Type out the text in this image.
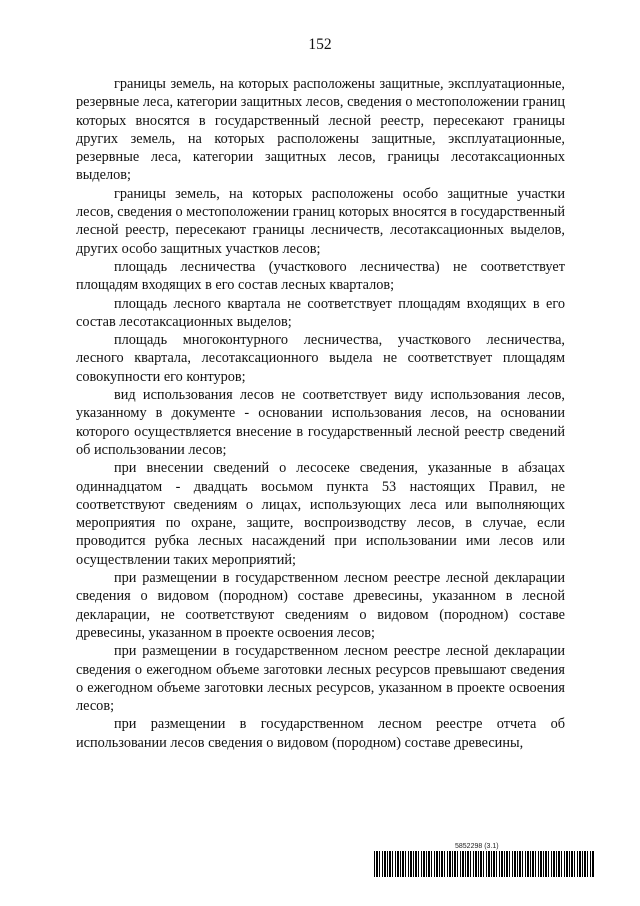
152

границы земель, на которых расположены защитные, эксплуатационные, резервные леса, категории защитных лесов, сведения о местоположении границ которых вносятся в государственный лесной реестр, пересекают границы других земель, на которых расположены защитные, эксплуатационные, резервные леса, категории защитных лесов, границы лесотаксационных выделов;

границы земель, на которых расположены особо защитные участки лесов, сведения о местоположении границ которых вносятся в государственный лесной реестр, пересекают границы лесничеств, лесотаксационных выделов, других особо защитных участков лесов;

площадь лесничества (участкового лесничества) не соответствует площадям входящих в его состав лесных кварталов;

площадь лесного квартала не соответствует площадям входящих в его состав лесотаксационных выделов;

площадь многоконтурного лесничества, участкового лесничества, лесного квартала, лесотаксационного выдела не соответствует площадям совокупности его контуров;

вид использования лесов не соответствует виду использования лесов, указанному в документе - основании использования лесов, на основании которого осуществляется внесение в государственный лесной реестр сведений об использовании лесов;

при внесении сведений о лесосеке сведения, указанные в абзацах одиннадцатом - двадцать восьмом пункта 53 настоящих Правил, не соответствуют сведениям о лицах, использующих леса или выполняющих мероприятия по охране, защите, воспроизводству лесов, в случае, если проводится рубка лесных насаждений при использовании ими лесов или осуществлении таких мероприятий;

при размещении в государственном лесном реестре лесной декларации сведения о видовом (породном) составе древесины, указанном в лесной декларации, не соответствуют сведениям о видовом (породном) составе древесины, указанном в проекте освоения лесов;

при размещении в государственном лесном реестре лесной декларации сведения о ежегодном объеме заготовки лесных ресурсов превышают сведения о ежегодном объеме заготовки лесных ресурсов, указанном в проекте освоения лесов;

при размещении в государственном лесном реестре отчета об использовании лесов сведения о видовом (породном) составе древесины,

5852298 (3.1)
